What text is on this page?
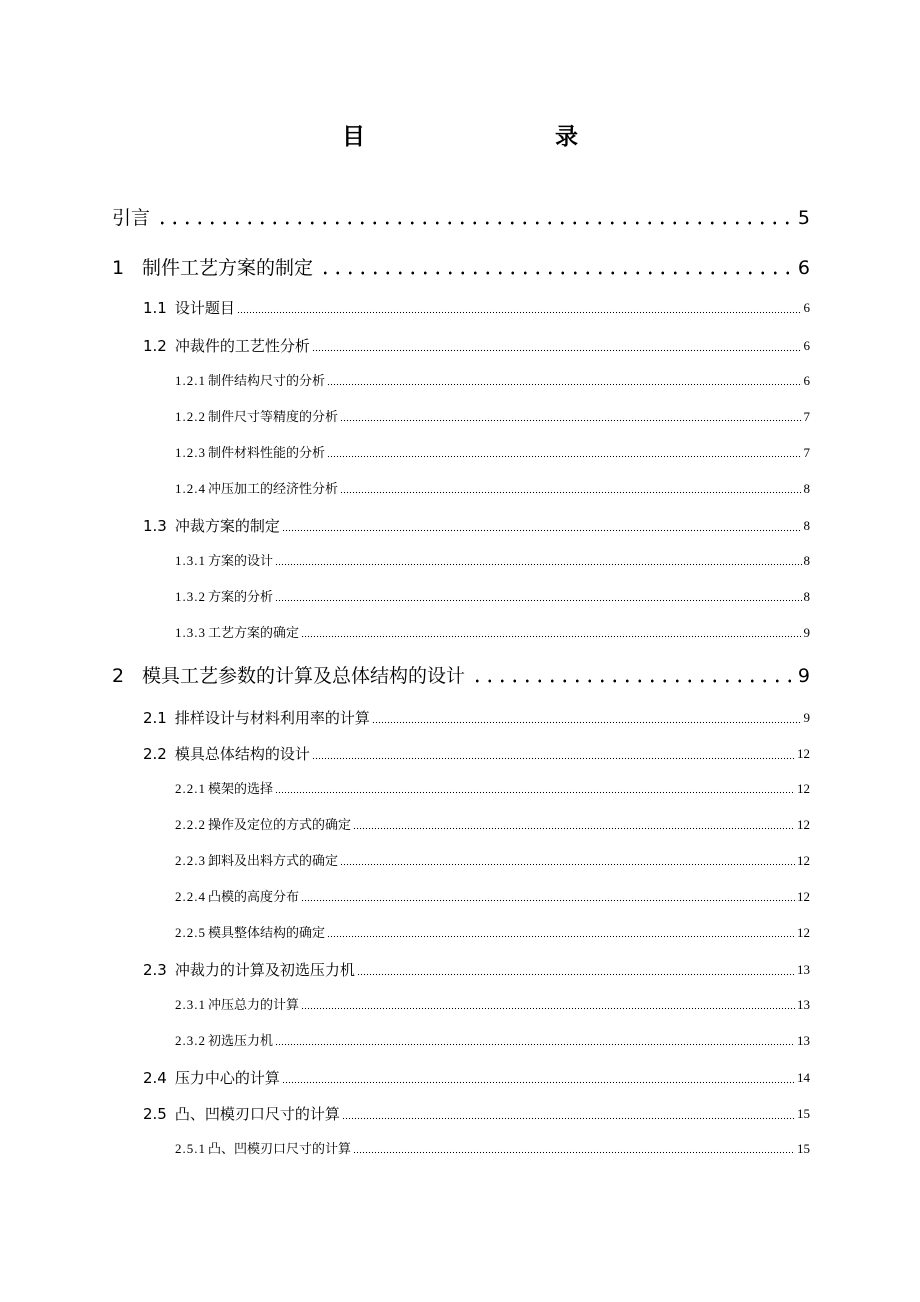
目　　录
引言	5
1 制件工艺方案的制定	6
1.1 设计题目	6
1.2 冲裁件的工艺性分析	6
1.2.1 制件结构尺寸的分析	6
1.2.2 制件尺寸等精度的分析	7
1.2.3 制件材料性能的分析	7
1.2.4 冲压加工的经济性分析	8
1.3 冲裁方案的制定	8
1.3.1 方案的设计	8
1.3.2 方案的分析	8
1.3.3 工艺方案的确定	9
2 模具工艺参数的计算及总体结构的设计	9
2.1 排样设计与材料利用率的计算	9
2.2 模具总体结构的设计	12
2.2.1 模架的选择	12
2.2.2 操作及定位的方式的确定	12
2.2.3 卸料及出料方式的确定	12
2.2.4 凸模的高度分布	12
2.2.5 模具整体结构的确定	12
2.3 冲裁力的计算及初选压力机	13
2.3.1 冲压总力的计算	13
2.3.2 初选压力机	13
2.4 压力中心的计算	14
2.5 凸、凹模刃口尺寸的计算	15
2.5.1 凸、凹模刃口尺寸的计算	15
